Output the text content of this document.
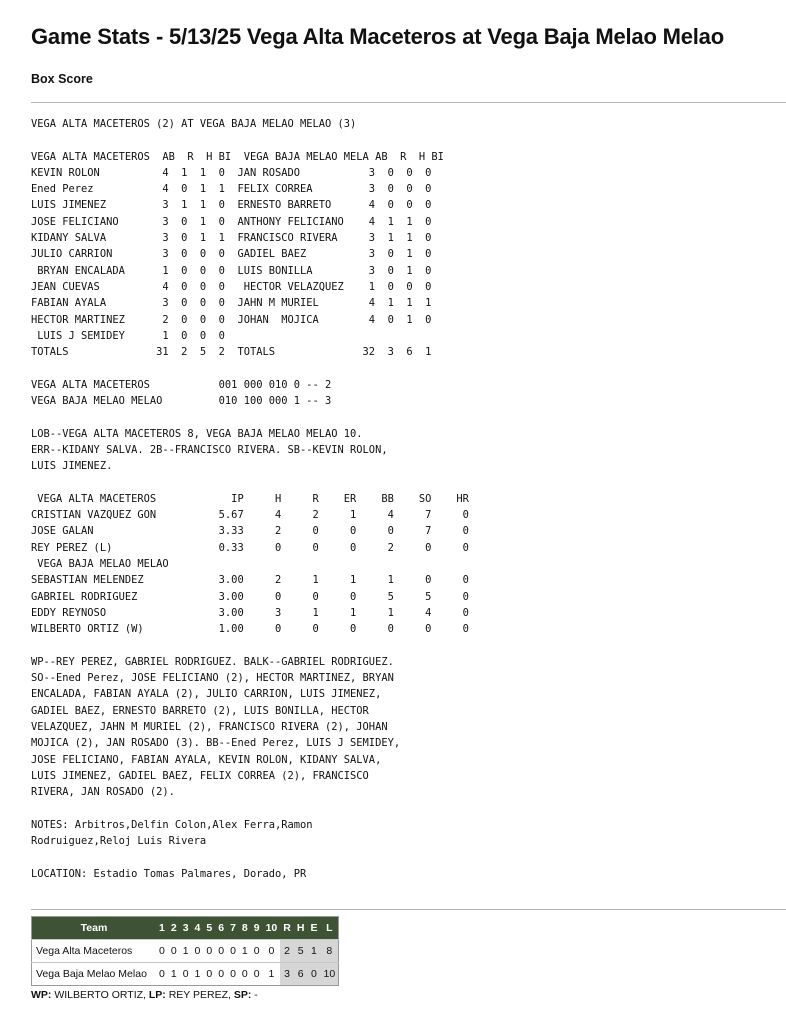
Game Stats - 5/13/25 Vega Alta Maceteros at Vega Baja Melao Melao
Box Score
VEGA ALTA MACETEROS (2) AT VEGA BAJA MELAO MELAO (3)

VEGA ALTA MACETEROS  AB  R  H BI  VEGA BAJA MELAO MELA AB  R  H BI
KEVIN ROLON          4  1  1  0  JAN ROSADO           3  0  0  0
Ened Perez           4  0  1  1  FELIX CORREA         3  0  0  0
LUIS JIMENEZ         3  1  1  0  ERNESTO BARRETO      4  0  0  0
JOSE FELICIANO       3  0  1  0  ANTHONY FELICIANO    4  1  1  0
KIDANY SALVA         3  0  1  1  FRANCISCO RIVERA     3  1  1  0
JULIO CARRION        3  0  0  0  GADIEL BAEZ          3  0  1  0
BRYAN ENCALADA      1  0  0  0  LUIS BONILLA         3  0  1  0
JEAN CUEVAS          4  0  0  0   HECTOR VELAZQUEZ    1  0  0  0
FABIAN AYALA         3  0  0  0  JAHN M MURIEL        4  1  1  1
HECTOR MARTINEZ      2  0  0  0  JOHAN  MOJICA        4  0  1  0
LUIS J SEMIDEY      1  0  0  0
TOTALS              31  2  5  2  TOTALS              32  3  6  1

VEGA ALTA MACETEROS           001 000 010 0 -- 2
VEGA BAJA MELAO MELAO         010 100 000 1 -- 3

LOB--VEGA ALTA MACETEROS 8, VEGA BAJA MELAO MELAO 10.
ERR--KIDANY SALVA. 2B--FRANCISCO RIVERA. SB--KEVIN ROLON,
LUIS JIMENEZ.

VEGA ALTA MACETEROS            IP     H     R    ER    BB    SO    HR
CRISTIAN VAZQUEZ GON          5.67     4     2     1     4     7     0
JOSE GALAN                    3.33     2     0     0     0     7     0
REY PEREZ (L)                 0.33     0     0     0     2     0     0
VEGA BAJA MELAO MELAO
SEBASTIAN MELENDEZ            3.00     2     1     1     1     0     0
GABRIEL RODRIGUEZ             3.00     0     0     0     5     5     0
EDDY REYNOSO                  3.00     3     1     1     1     4     0
WILBERTO ORTIZ (W)            1.00     0     0     0     0     0     0

WP--REY PEREZ, GABRIEL RODRIGUEZ. BALK--GABRIEL RODRIGUEZ.
SO--Ened Perez, JOSE FELICIANO (2), HECTOR MARTINEZ, BRYAN
ENCALADA, FABIAN AYALA (2), JULIO CARRION, LUIS JIMENEZ,
GADIEL BAEZ, ERNESTO BARRETO (2), LUIS BONILLA, HECTOR
VELAZQUEZ, JAHN M MURIEL (2), FRANCISCO RIVERA (2), JOHAN
MOJICA (2), JAN ROSADO (3). BB--Ened Perez, LUIS J SEMIDEY,
JOSE FELICIANO, FABIAN AYALA, KEVIN ROLON, KIDANY SALVA,
LUIS JIMENEZ, GADIEL BAEZ, FELIX CORREA (2), FRANCISCO
RIVERA, JAN ROSADO (2).

NOTES: Arbitros,Delfin Colon,Alex Ferra,Ramon
Rodruiguez,Reloj Luis Rivera

LOCATION: Estadio Tomas Palmares, Dorado, PR
Team	1	2	3	4	5	6	7	8	9	10	R	H	E	L
Vega Alta Maceteros	0	0	1	0	0	0	0	1	0	0	2	5	1	8
Vega Baja Melao Melao	0	1	0	1	0	0	0	0	0	1	3	6	0	10
WP: WILBERTO ORTIZ, LP: REY PEREZ, SP: -
